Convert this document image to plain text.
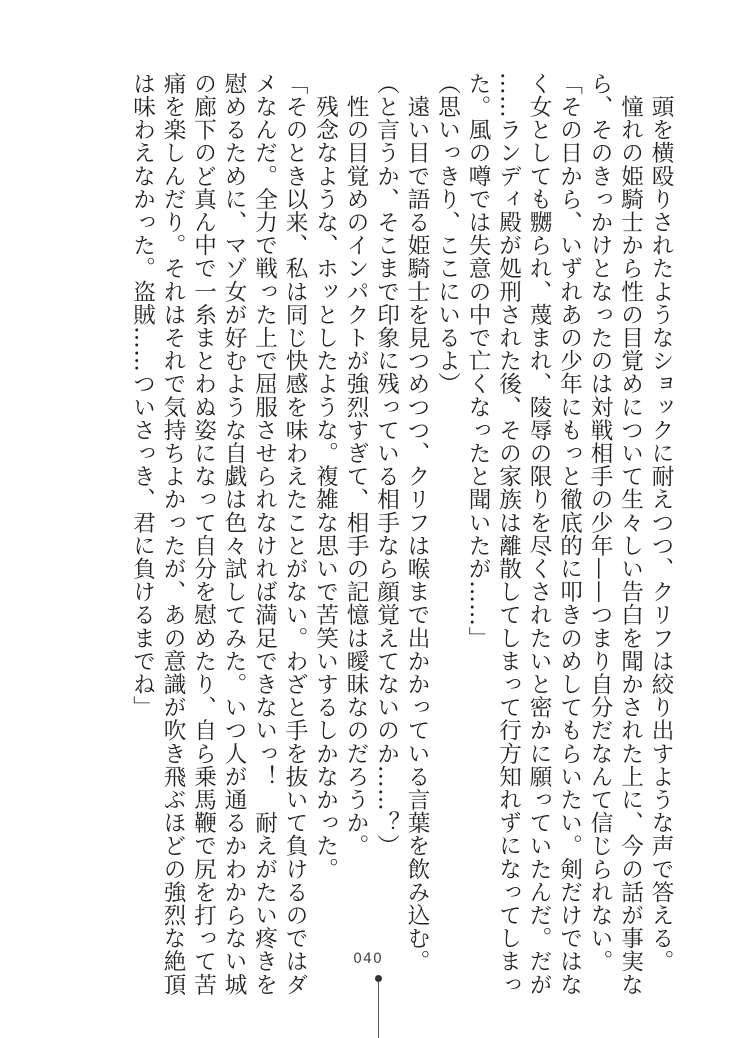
　頭を横殴りされたようなショックに耐えつつ、クリフは絞り出すような声で答える。
　憧れの姫騎士から性の目覚めについて生々しい告白を聞かされた上に、今の話が事実な
ら、そのきっかけとなったのは対戦相手の少年——つまり自分だなんて信じられない。
「その日から、いずれあの少年にもっと徹底的に叩きのめしてもらいたい。剣だけではな
く女としても嬲られ、蔑まれ、陵辱の限りを尽くされたいと密かに願っていたんだ。だが
……ランディ殿が処刑された後、その家族は離散してしまって行方知れずになってしまっ
た。風の噂では失意の中で亡くなったと聞いたが……」
（思いっきり、ここにいるよ）
　遠い目で語る姫騎士を見つめつつ、クリフは喉まで出かかっている言葉を飲み込む。
（と言うか、そこまで印象に残っている相手なら顔覚えてないのか……？）
　性の目覚めのインパクトが強烈すぎて、相手の記憶は曖昧なのだろうか。
　残念なような、ホッとしたような。複雑な思いで苦笑いするしかなかった。
「そのとき以来、私は同じ快感を味わえたことがない。わざと手を抜いて負けるのではダ
メなんだ。全力で戦った上で屈服させられなければ満足できないっ！　耐えがたい疼きを
慰めるために、マゾ女が好むような自戯は色々試してみた。いつ人が通るかわからない城
の廊下のど真ん中で一糸まとわぬ姿になって自分を慰めたり、自ら乗馬鞭で尻を打って苦
痛を楽しんだり。それはそれで気持ちよかったが、あの意識が吹き飛ぶほどの強烈な絶頂
は味わえなかった。盗賊……ついさっき、君に負けるまでね」
040
